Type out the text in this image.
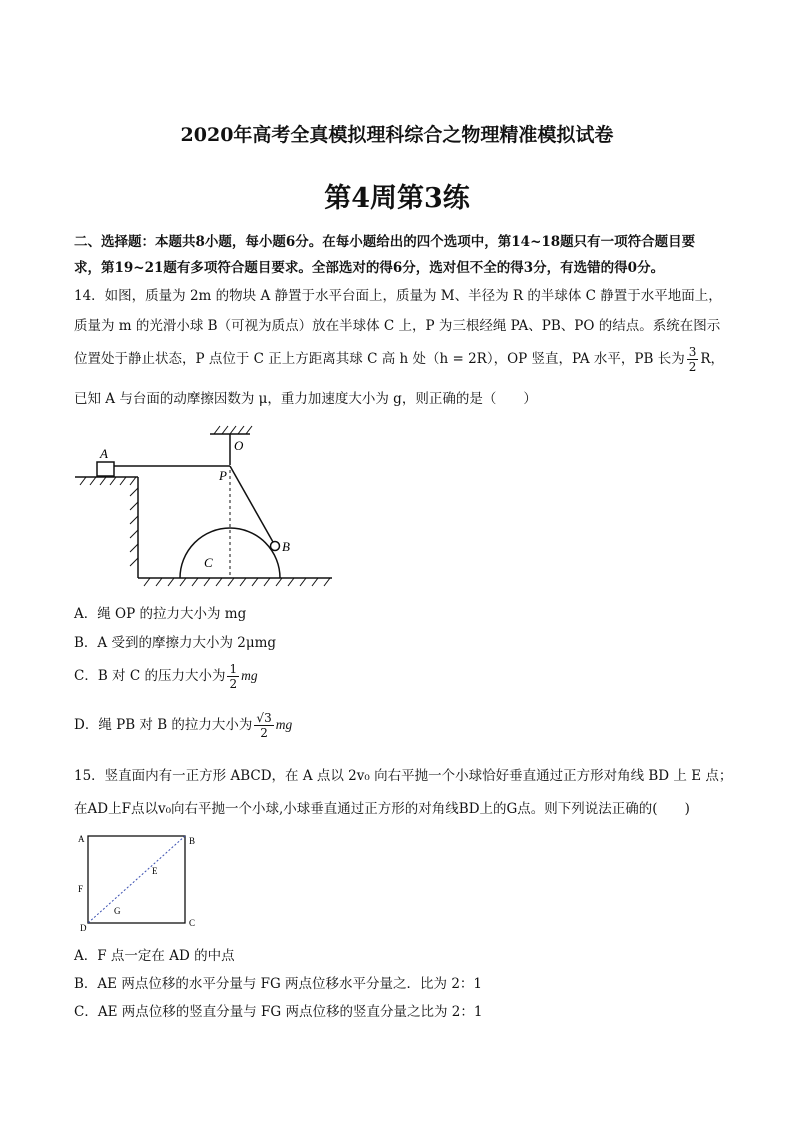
2020年高考全真模拟理科综合之物理精准模拟试卷
第4周第3练
二、选择题：本题共8小题，每小题6分。在每小题给出的四个选项中，第14~18题只有一项符合题目要
求，第19~21题有多项符合题目要求。全部选对的得6分，选对但不全的得3分，有选错的得0分。
14．如图，质量为 2m 的物块 A 静置于水平台面上，质量为 M、半径为 R 的半球体 C 静置于水平地面上，
质量为 m 的光滑小球 B（可视为质点）放在半球体 C 上，P 为三根经绳 PA、PB、PO 的结点。系统在图示
位置处于静止状态，P 点位于 C 正上方距离其球 C 高 h 处（h = 2R），OP 竖直，PA 水平，PB 长为 $\frac{3}{2}$ R，
已知 A 与台面的动摩擦因数为 μ，重力加速度大小为 g，则正确的是（　　）
A
O
P
B
C
A．绳 OP 的拉力大小为 mg
B．A 受到的摩擦力大小为 2μmg
C．B 对 C 的压力大小为 $\frac{1}{2}$ mg
D．绳 PB 对 B 的拉力大小为 $\frac{√3}{2}$ mg
15．竖直面内有一正方形 ABCD，在 A 点以 2v₀ 向右平抛一个小球恰好垂直通过正方形对角线 BD 上 E 点；
在AD上F点以v₀向右平抛一个小球,小球垂直通过正方形的对角线BD上的G点。则下列说法正确的(　　)
A	B
C
D
E
F
G
A．F 点一定在 AD 的中点
B．AE 两点位移的水平分量与 FG 两点位移水平分量之．比为 2：1
C．AE 两点位移的竖直分量与 FG 两点位移的竖直分量之比为 2：1
